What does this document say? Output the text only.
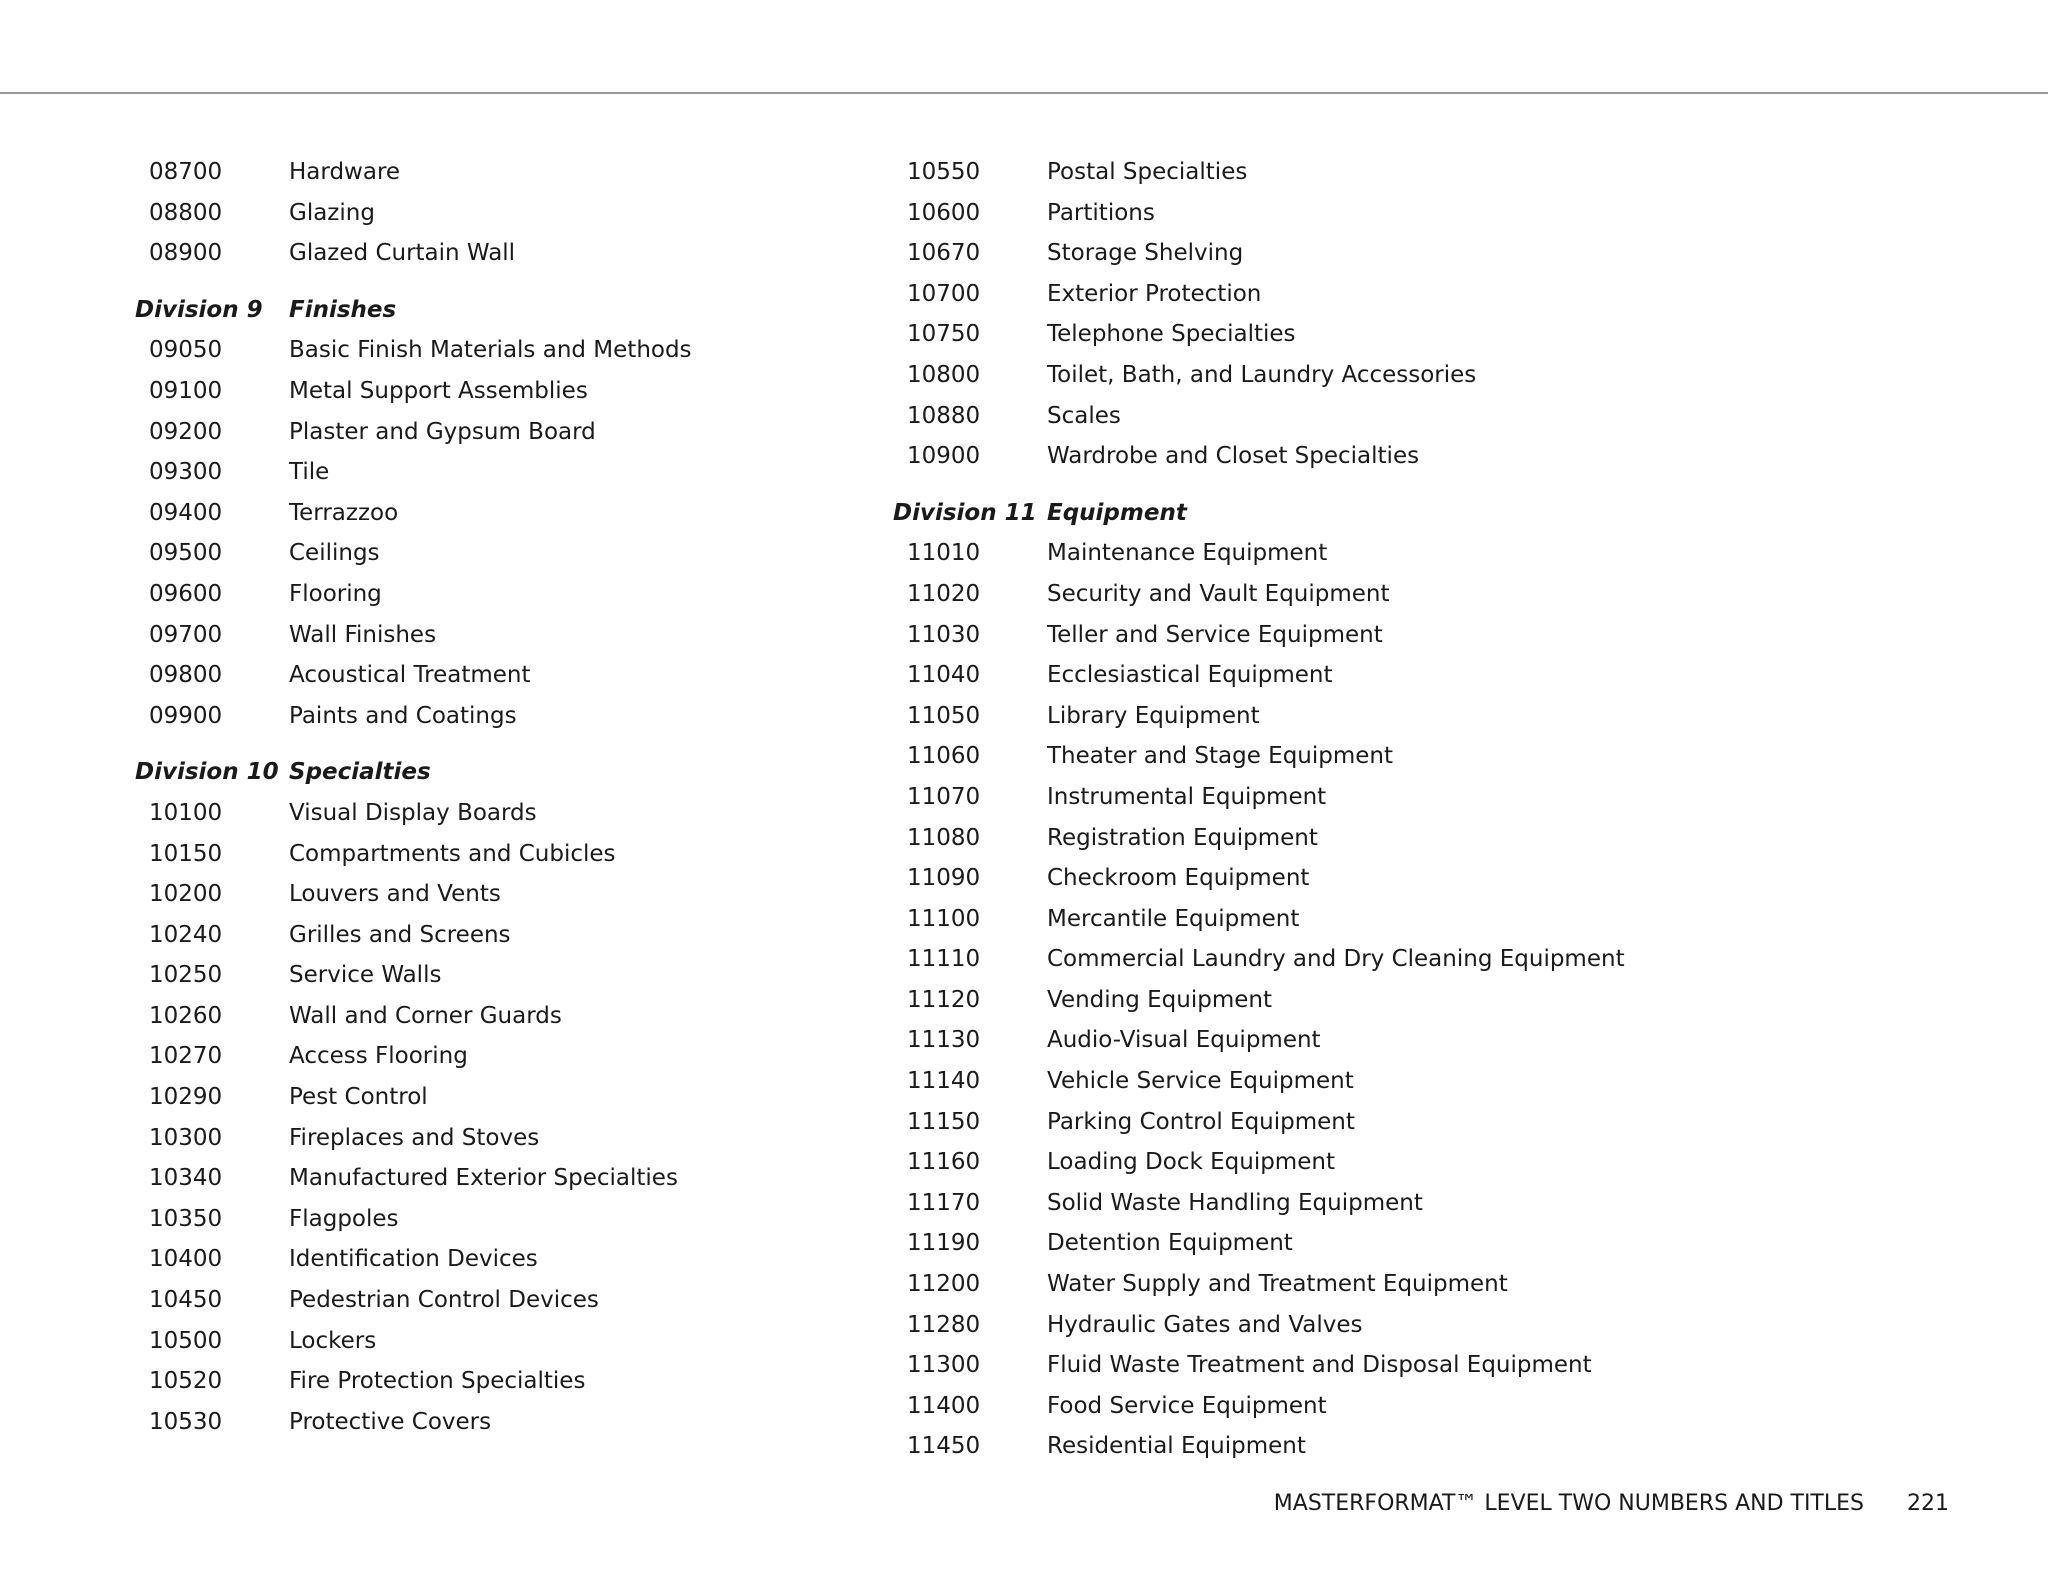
08700	Hardware
08800	Glazing
08900	Glazed Curtain Wall
Division 9 Finishes
09050	Basic Finish Materials and Methods
09100	Metal Support Assemblies
09200	Plaster and Gypsum Board
09300	Tile
09400	Terrazzoo
09500	Ceilings
09600	Flooring
09700	Wall Finishes
09800	Acoustical Treatment
09900	Paints and Coatings
Division 10 Specialties
10100	Visual Display Boards
10150	Compartments and Cubicles
10200	Louvers and Vents
10240	Grilles and Screens
10250	Service Walls
10260	Wall and Corner Guards
10270	Access Flooring
10290	Pest Control
10300	Fireplaces and Stoves
10340	Manufactured Exterior Specialties
10350	Flagpoles
10400	Identification Devices
10450	Pedestrian Control Devices
10500	Lockers
10520	Fire Protection Specialties
10530	Protective Covers
10550	Postal Specialties
10600	Partitions
10670	Storage Shelving
10700	Exterior Protection
10750	Telephone Specialties
10800	Toilet, Bath, and Laundry Accessories
10880	Scales
10900	Wardrobe and Closet Specialties
Division 11 Equipment
11010	Maintenance Equipment
11020	Security and Vault Equipment
11030	Teller and Service Equipment
11040	Ecclesiastical Equipment
11050	Library Equipment
11060	Theater and Stage Equipment
11070	Instrumental Equipment
11080	Registration Equipment
11090	Checkroom Equipment
11100	Mercantile Equipment
11110	Commercial Laundry and Dry Cleaning Equipment
11120	Vending Equipment
11130	Audio-Visual Equipment
11140	Vehicle Service Equipment
11150	Parking Control Equipment
11160	Loading Dock Equipment
11170	Solid Waste Handling Equipment
11190	Detention Equipment
11200	Water Supply and Treatment Equipment
11280	Hydraulic Gates and Valves
11300	Fluid Waste Treatment and Disposal Equipment
11400	Food Service Equipment
11450	Residential Equipment
MASTERFORMAT™ LEVEL TWO NUMBERS AND TITLES 221
